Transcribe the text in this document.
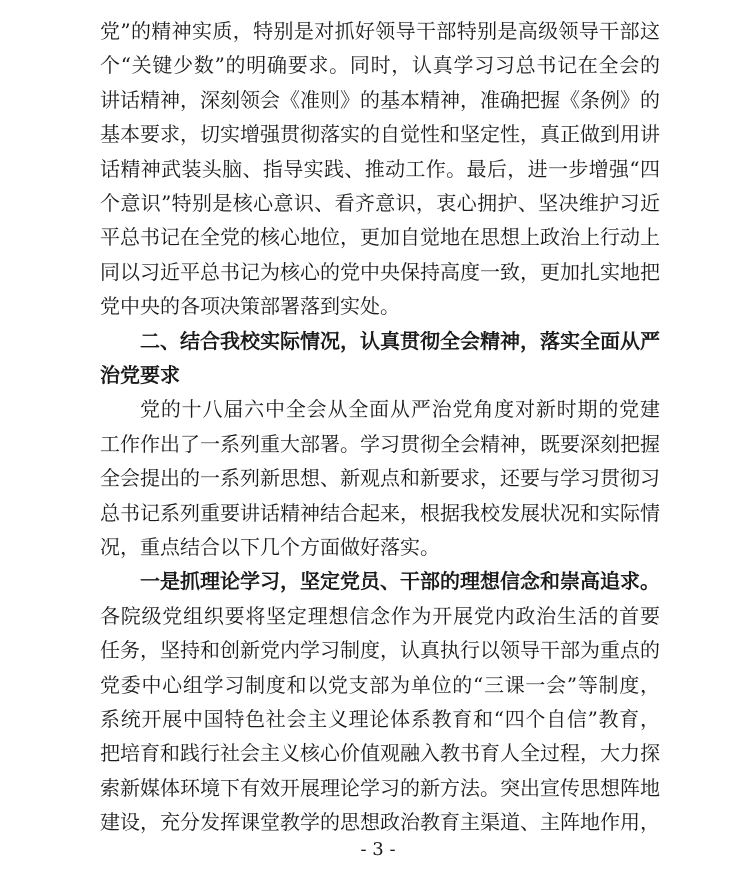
党”的精神实质，特别是对抓好领导干部特别是高级领导干部这
个“关键少数”的明确要求。同时，认真学习习总书记在全会的
讲话精神，深刻领会《准则》的基本精神，准确把握《条例》的
基本要求，切实增强贯彻落实的自觉性和坚定性，真正做到用讲
话精神武装头脑、指导实践、推动工作。最后，进一步增强“四
个意识”特别是核心意识、看齐意识，衷心拥护、坚决维护习近
平总书记在全党的核心地位，更加自觉地在思想上政治上行动上
同以习近平总书记为核心的党中央保持高度一致，更加扎实地把
党中央的各项决策部署落到实处。
二、结合我校实际情况，认真贯彻全会精神，落实全面从严
治党要求
党的十八届六中全会从全面从严治党角度对新时期的党建
工作作出了一系列重大部署。学习贯彻全会精神，既要深刻把握
全会提出的一系列新思想、新观点和新要求，还要与学习贯彻习
总书记系列重要讲话精神结合起来，根据我校发展状况和实际情
况，重点结合以下几个方面做好落实。
一是抓理论学习，坚定党员、干部的理想信念和崇高追求。
各院级党组织要将坚定理想信念作为开展党内政治生活的首要
任务，坚持和创新党内学习制度，认真执行以领导干部为重点的
党委中心组学习制度和以党支部为单位的“三课一会”等制度，
系统开展中国特色社会主义理论体系教育和“四个自信”教育，
把培育和践行社会主义核心价值观融入教书育人全过程，大力探
索新媒体环境下有效开展理论学习的新方法。突出宣传思想阵地
建设，充分发挥课堂教学的思想政治教育主渠道、主阵地作用，
- 3 -
